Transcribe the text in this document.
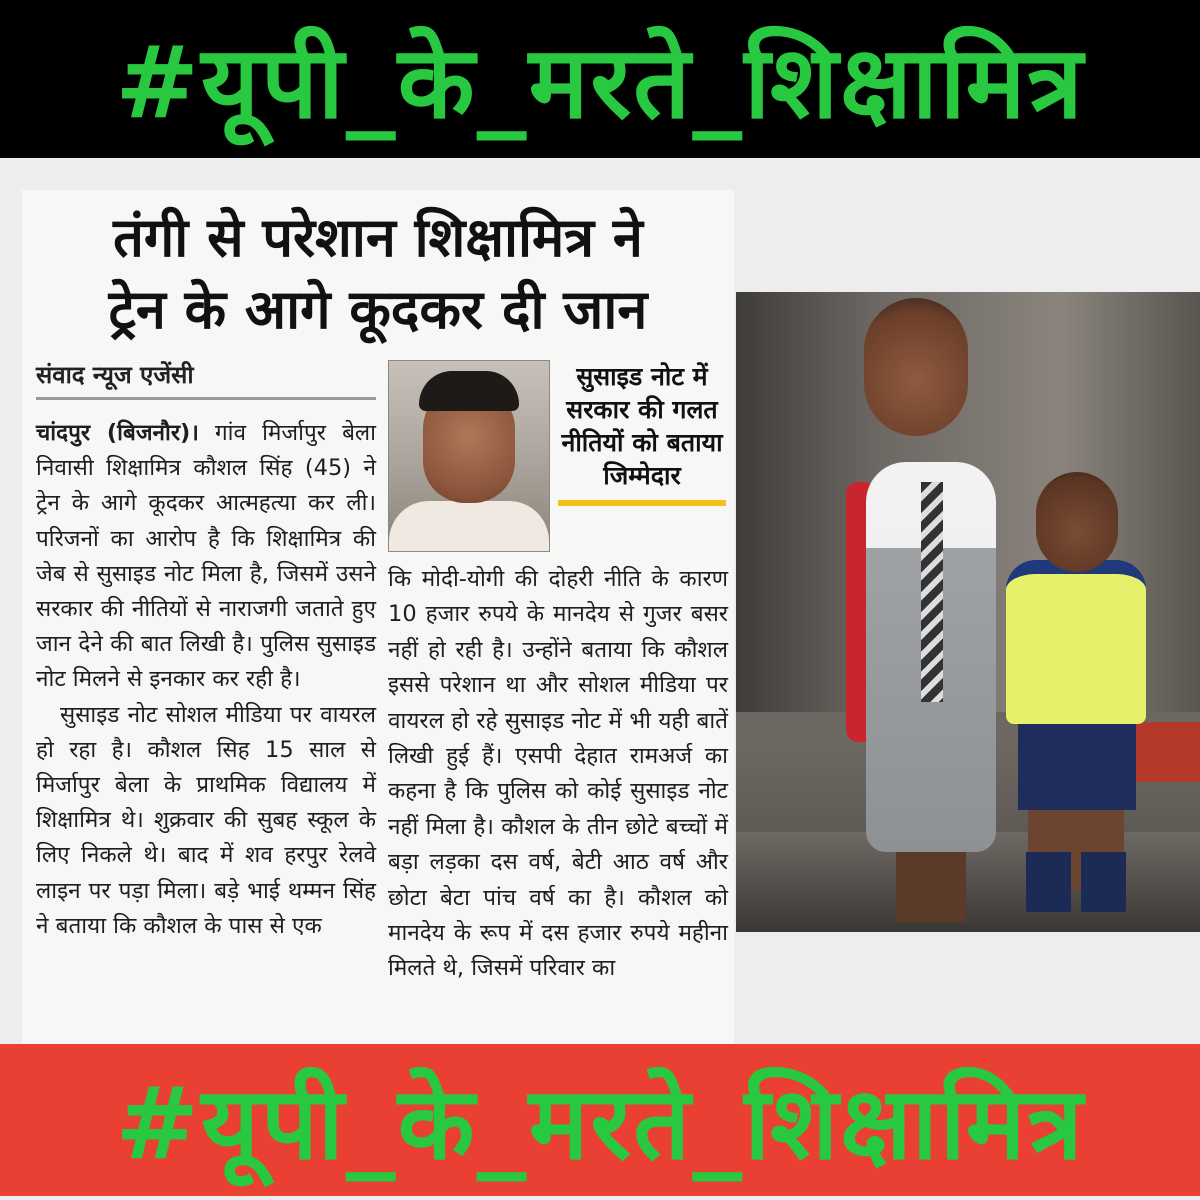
#यूपी_के_मरते_शिक्षामित्र
तंगी से परेशान शिक्षामित्र ने
ट्रेन के आगे कूदकर दी जान
संवाद न्यूज एजेंसी	सुसाइड नोट में सरकार की गलत नीतियों को बताया जिम्मेदार

चांदपुर (बिजनौर)। गांव मिर्जापुर बेला निवासी शिक्षामित्र कौशल सिंह (45) ने ट्रेन के आगे कूदकर आत्महत्या कर ली। परिजनों का आरोप है कि शिक्षामित्र की जेब से सुसाइड नोट मिला है, जिसमें उसने सरकार की नीतियों से नाराजगी जताते हुए जान देने की बात लिखी है। पुलिस सुसाइड नोट मिलने से इनकार कर रही है।

सुसाइड नोट सोशल मीडिया पर वायरल हो रहा है। कौशल सिह 15 साल से मिर्जापुर बेला के प्राथमिक विद्यालय में शिक्षामित्र थे। शुक्रवार की सुबह स्कूल के लिए निकले थे। बाद में शव हरपुर रेलवे लाइन पर पड़ा मिला। बड़े भाई थम्मन सिंह ने बताया कि कौशल के पास से एक

कि मोदी-योगी की दोहरी नीति के कारण 10 हजार रुपये के मानदेय से गुजर बसर नहीं हो रही है। उन्होंने बताया कि कौशल इससे परेशान था और सोशल मीडिया पर वायरल हो रहे सुसाइड नोट में भी यही बातें लिखी हुई हैं। एसपी देहात रामअर्ज का कहना है कि पुलिस को कोई सुसाइड नोट नहीं मिला है। कौशल के तीन छोटे बच्चों में बड़ा लड़का दस वर्ष, बेटी आठ वर्ष और छोटा बेटा पांच वर्ष का है। कौशल को मानदेय के रूप में दस हजार रुपये महीना मिलते थे, जिसमें परिवार का

#यूपी_के_मरते_शिक्षामित्र
